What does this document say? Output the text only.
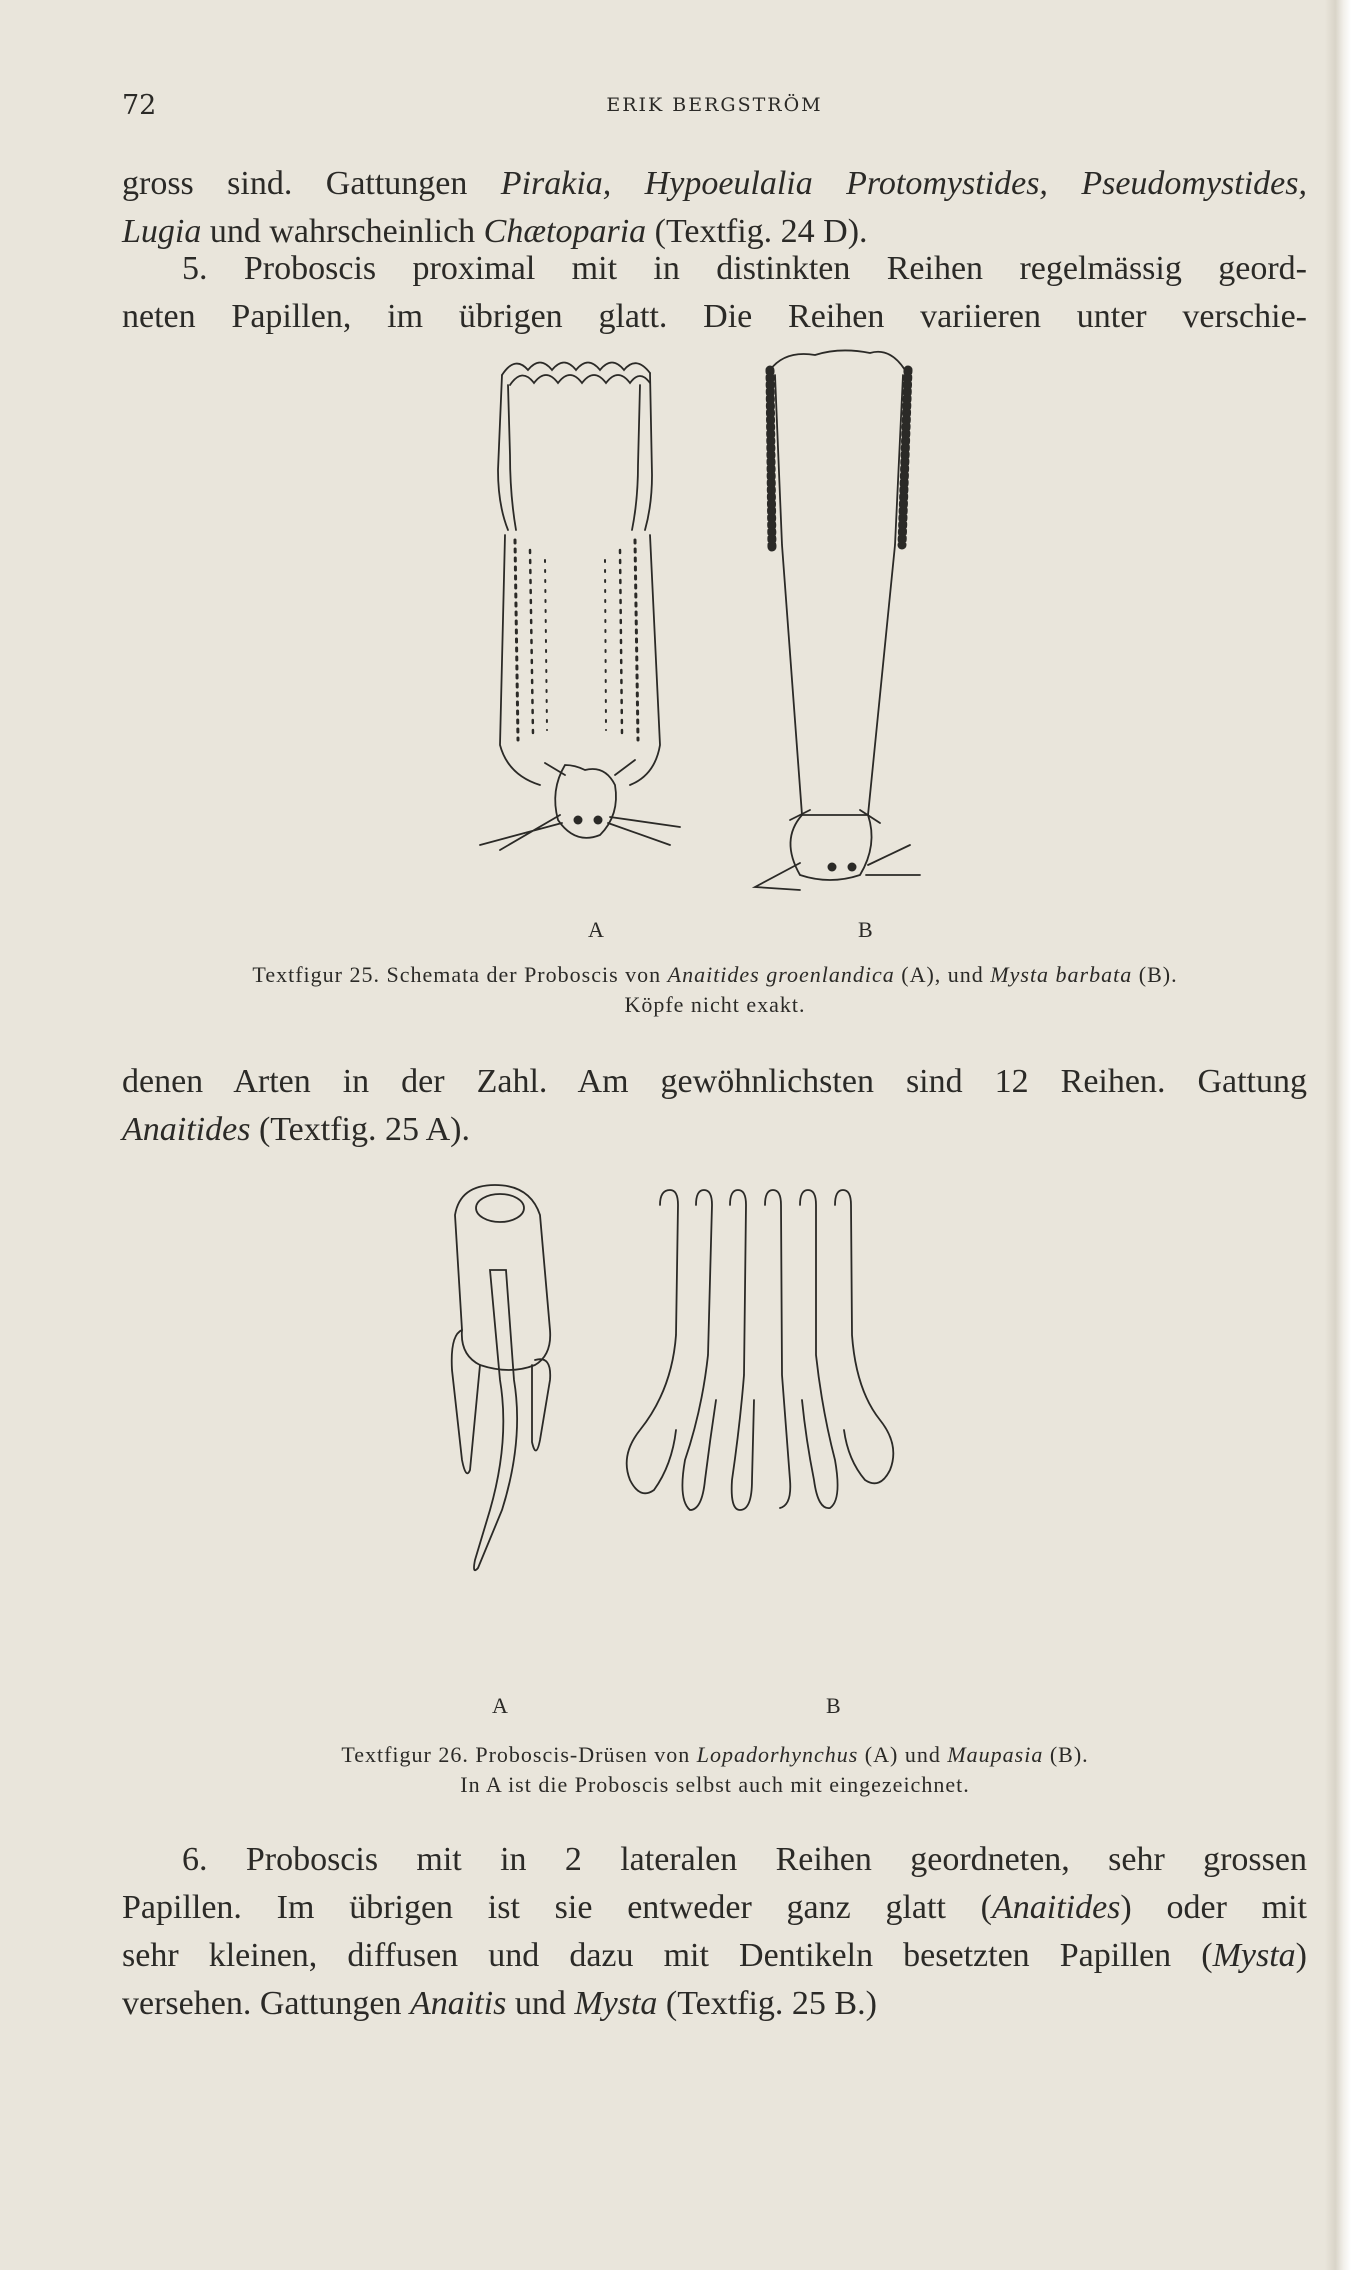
72	ERIK BERGSTRÖM

gross sind. Gattungen Pirakia, Hypoeulalia Protomystides, Pseudomystides,
Lugia und wahrscheinlich Chætoparia (Textfig. 24 D).

5. Proboscis proximal mit in distinkten Reihen regelmässig geord-
neten Papillen, im übrigen glatt. Die Reihen variieren unter verschie-

A	B

Textfigur 25. Schemata der Proboscis von Anaitides groenlandica (A), und Mysta barbata (B).
Köpfe nicht exakt.

denen Arten in der Zahl. Am gewöhnlichsten sind 12 Reihen. Gattung
Anaitides (Textfig. 25 A).

A	B

Textfigur 26. Proboscis-Drüsen von Lopadorhynchus (A) und Maupasia (B).
In A ist die Proboscis selbst auch mit eingezeichnet.

6. Proboscis mit in 2 lateralen Reihen geordneten, sehr grossen
Papillen. Im übrigen ist sie entweder ganz glatt (Anaitides) oder mit
sehr kleinen, diffusen und dazu mit Dentikeln besetzten Papillen (Mysta)
versehen. Gattungen Anaitis und Mysta (Textfig. 25 B.)
